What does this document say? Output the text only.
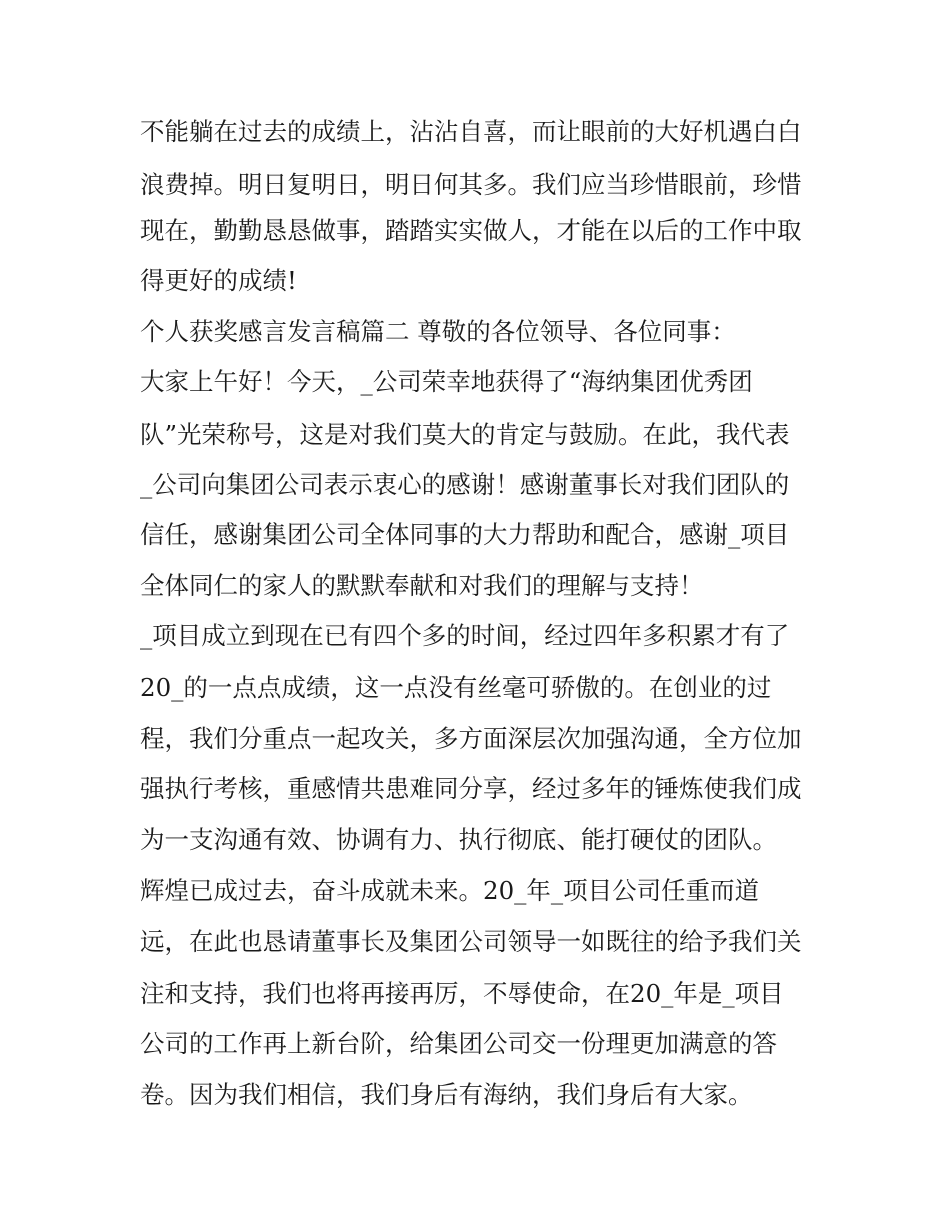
不能躺在过去的成绩上，沾沾自喜，而让眼前的大好机遇白白

浪费掉。明日复明日，明日何其多。我们应当珍惜眼前，珍惜

现在，勤勤恳恳做事，踏踏实实做人，才能在以后的工作中取

得更好的成绩!

个人获奖感言发言稿篇二 尊敬的各位领导、各位同事：

大家上午好！今天，_公司荣幸地获得了“海纳集团优秀团

队”光荣称号，这是对我们莫大的肯定与鼓励。在此，我代表

_公司向集团公司表示衷心的感谢！感谢董事长对我们团队的

信任，感谢集团公司全体同事的大力帮助和配合，感谢_项目

全体同仁的家人的默默奉献和对我们的理解与支持！

_项目成立到现在已有四个多的时间，经过四年多积累才有了

20_的一点点成绩，这一点没有丝毫可骄傲的。在创业的过

程，我们分重点一起攻关，多方面深层次加强沟通，全方位加

强执行考核，重感情共患难同分享，经过多年的锤炼使我们成

为一支沟通有效、协调有力、执行彻底、能打硬仗的团队。

辉煌已成过去，奋斗成就未来。20_年_项目公司任重而道

远，在此也恳请董事长及集团公司领导一如既往的给予我们关

注和支持，我们也将再接再厉，不辱使命，在20_年是_项目

公司的工作再上新台阶，给集团公司交一份理更加满意的答

卷。因为我们相信，我们身后有海纳，我们身后有大家。
